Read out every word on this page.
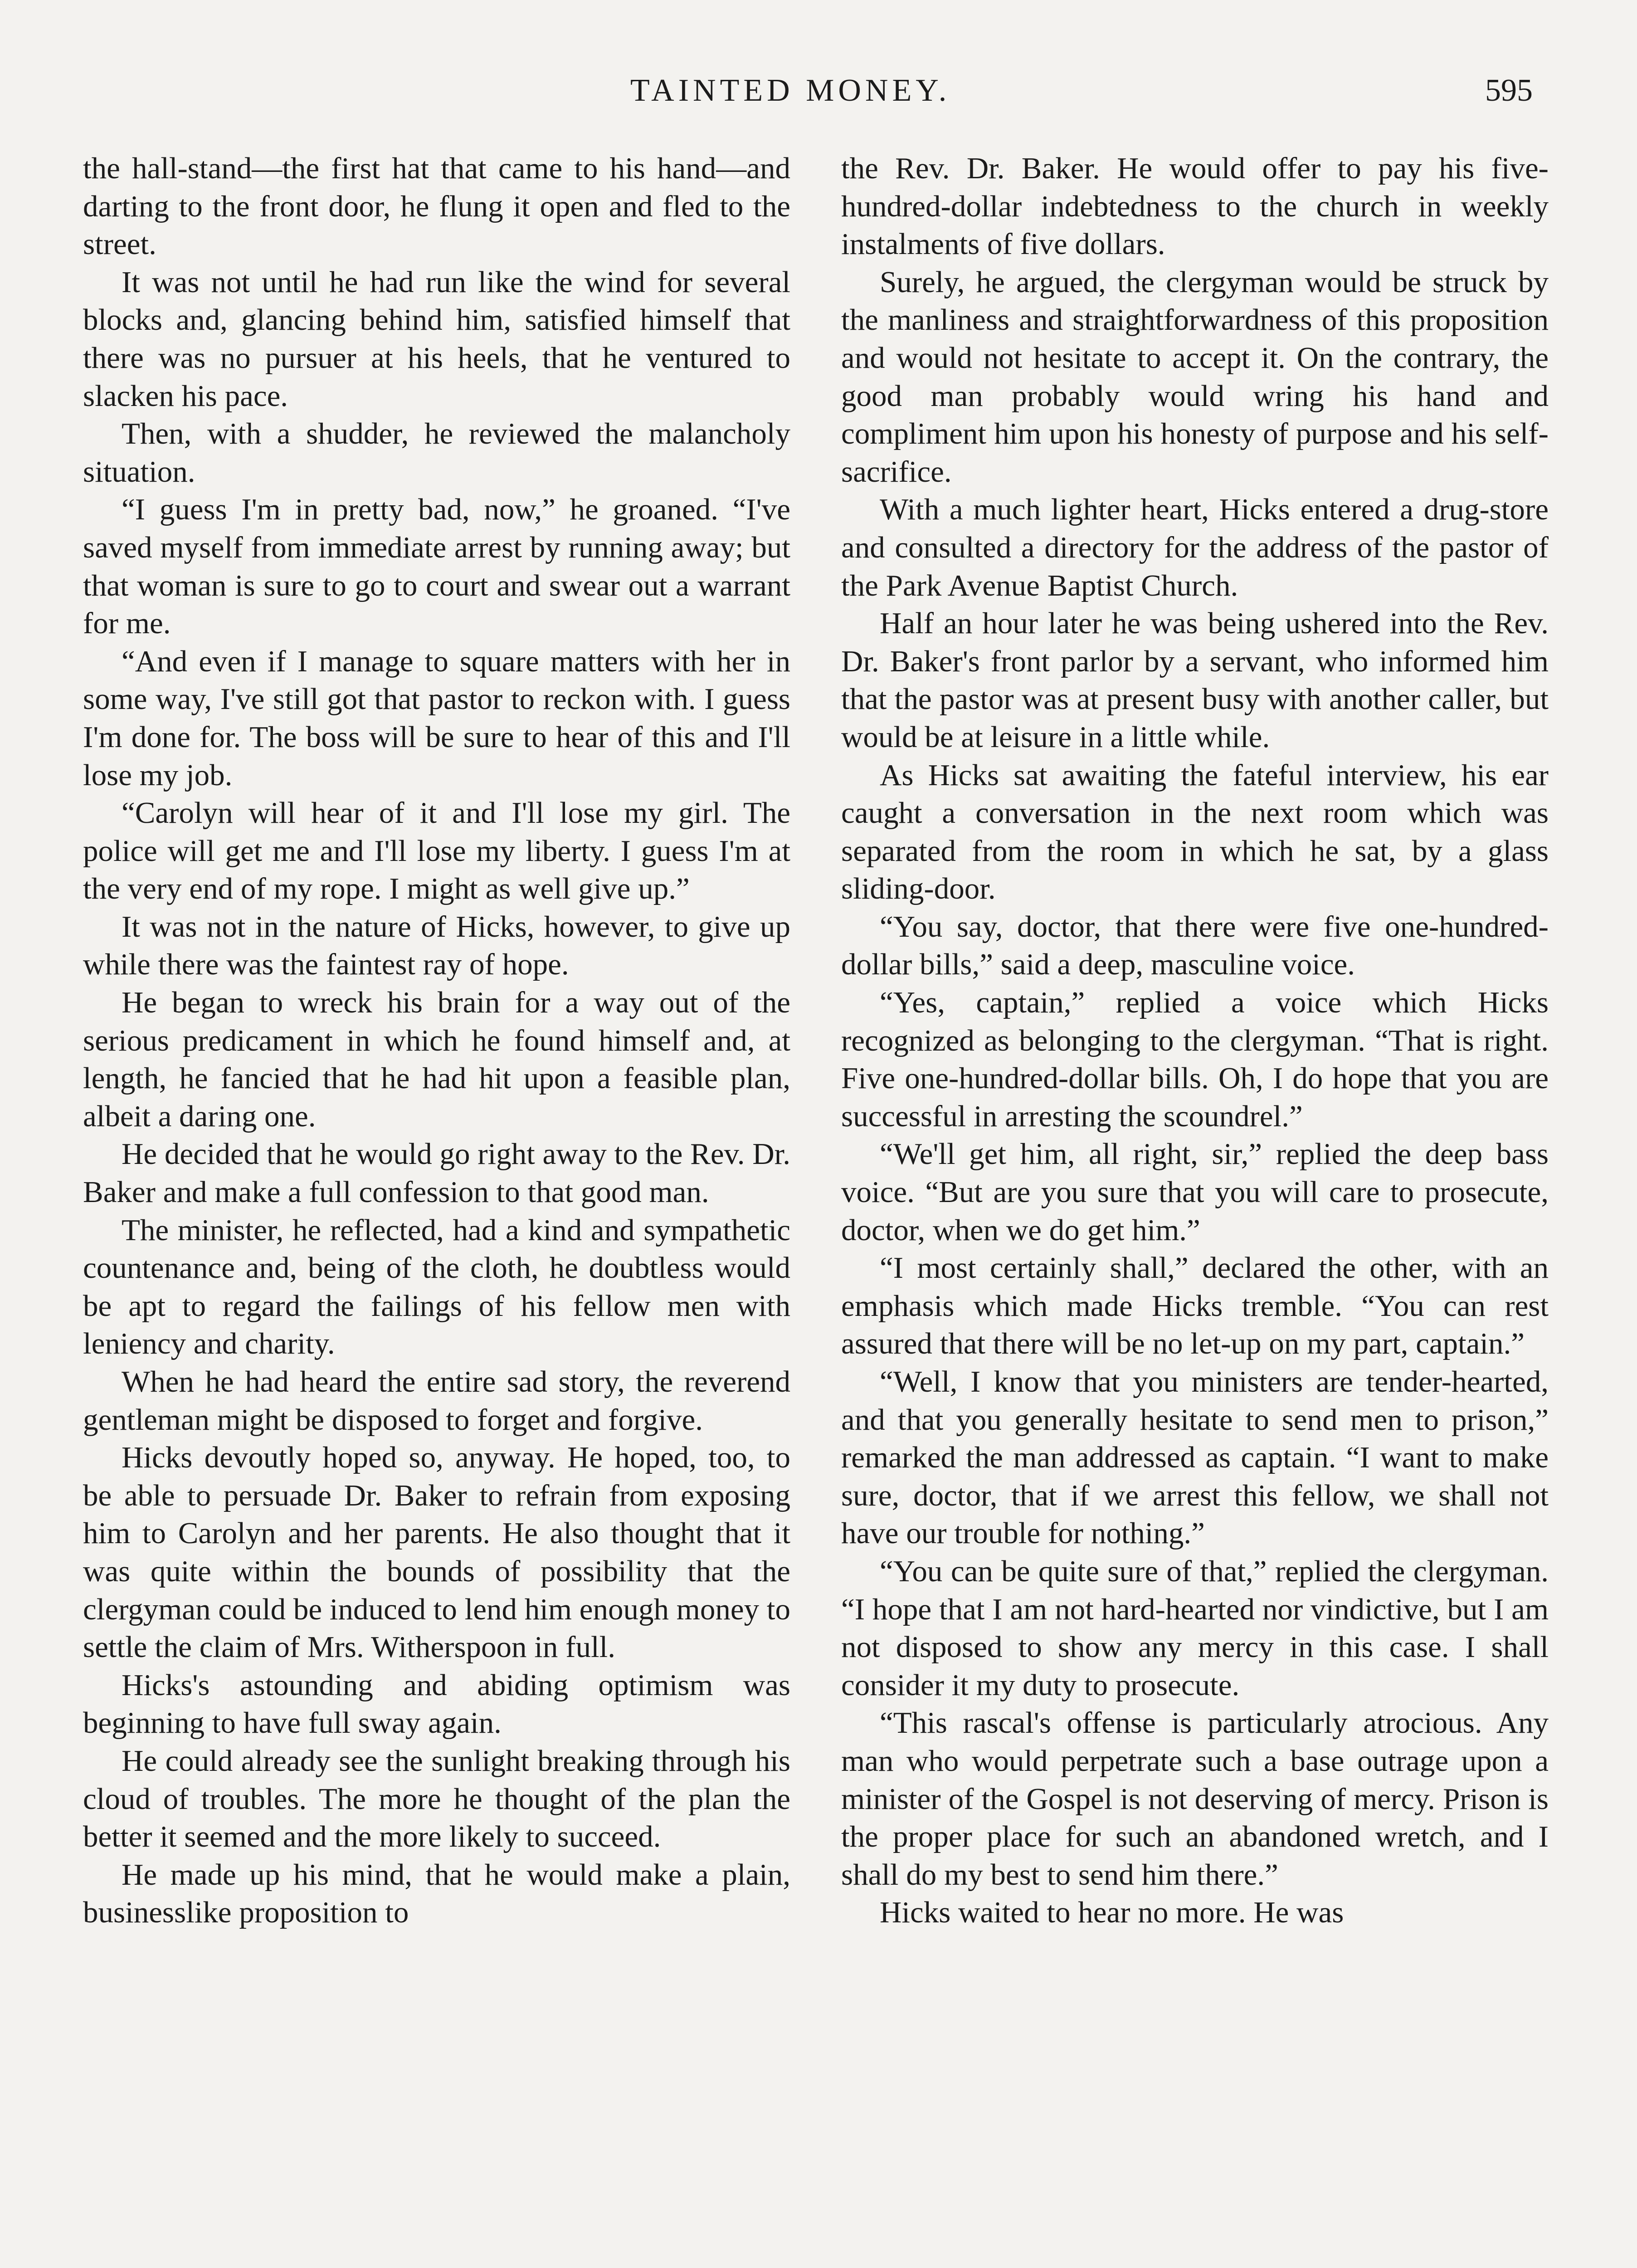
TAINTED MONEY.	595

the hall-stand—the first hat that came to his hand—and darting to the front door, he flung it open and fled to the street.

It was not until he had run like the wind for several blocks and, glancing behind him, satisfied himself that there was no pursuer at his heels, that he ventured to slacken his pace.

Then, with a shudder, he reviewed the malancholy situation.

“I guess I'm in pretty bad, now,” he groaned. “I've saved myself from immediate arrest by running away; but that woman is sure to go to court and swear out a warrant for me.

“And even if I manage to square matters with her in some way, I've still got that pastor to reckon with. I guess I'm done for. The boss will be sure to hear of this and I'll lose my job.

“Carolyn will hear of it and I'll lose my girl. The police will get me and I'll lose my liberty. I guess I'm at the very end of my rope. I might as well give up.”

It was not in the nature of Hicks, however, to give up while there was the faintest ray of hope.

He began to wreck his brain for a way out of the serious predicament in which he found himself and, at length, he fancied that he had hit upon a feasible plan, albeit a daring one.

He decided that he would go right away to the Rev. Dr. Baker and make a full confession to that good man.

The minister, he reflected, had a kind and sympathetic countenance and, being of the cloth, he doubtless would be apt to regard the failings of his fellow men with leniency and charity.

When he had heard the entire sad story, the reverend gentleman might be disposed to forget and forgive.

Hicks devoutly hoped so, anyway. He hoped, too, to be able to persuade Dr. Baker to refrain from exposing him to Carolyn and her parents. He also thought that it was quite within the bounds of possibility that the clergyman could be induced to lend him enough money to settle the claim of Mrs. Witherspoon in full.

Hicks's astounding and abiding optimism was beginning to have full sway again.

He could already see the sunlight breaking through his cloud of troubles. The more he thought of the plan the better it seemed and the more likely to succeed.

He made up his mind, that he would make a plain, businesslike proposition to

the Rev. Dr. Baker. He would offer to pay his five-hundred-dollar indebtedness to the church in weekly instalments of five dollars.

Surely, he argued, the clergyman would be struck by the manliness and straightforwardness of this proposition and would not hesitate to accept it. On the contrary, the good man probably would wring his hand and compliment him upon his honesty of purpose and his self-sacrifice.

With a much lighter heart, Hicks entered a drug-store and consulted a directory for the address of the pastor of the Park Avenue Baptist Church.

Half an hour later he was being ushered into the Rev. Dr. Baker's front parlor by a servant, who informed him that the pastor was at present busy with another caller, but would be at leisure in a little while.

As Hicks sat awaiting the fateful interview, his ear caught a conversation in the next room which was separated from the room in which he sat, by a glass sliding-door.

“You say, doctor, that there were five one-hundred-dollar bills,” said a deep, masculine voice.

“Yes, captain,” replied a voice which Hicks recognized as belonging to the clergyman. “That is right. Five one-hundred-dollar bills. Oh, I do hope that you are successful in arresting the scoundrel.”

“We'll get him, all right, sir,” replied the deep bass voice. “But are you sure that you will care to prosecute, doctor, when we do get him.”

“I most certainly shall,” declared the other, with an emphasis which made Hicks tremble. “You can rest assured that there will be no let-up on my part, captain.”

“Well, I know that you ministers are tender-hearted, and that you generally hesitate to send men to prison,” remarked the man addressed as captain. “I want to make sure, doctor, that if we arrest this fellow, we shall not have our trouble for nothing.”

“You can be quite sure of that,” replied the clergyman. “I hope that I am not hard-hearted nor vindictive, but I am not disposed to show any mercy in this case. I shall consider it my duty to prosecute.

“This rascal's offense is particularly atrocious. Any man who would perpetrate such a base outrage upon a minister of the Gospel is not deserving of mercy. Prison is the proper place for such an abandoned wretch, and I shall do my best to send him there.”

Hicks waited to hear no more. He was
